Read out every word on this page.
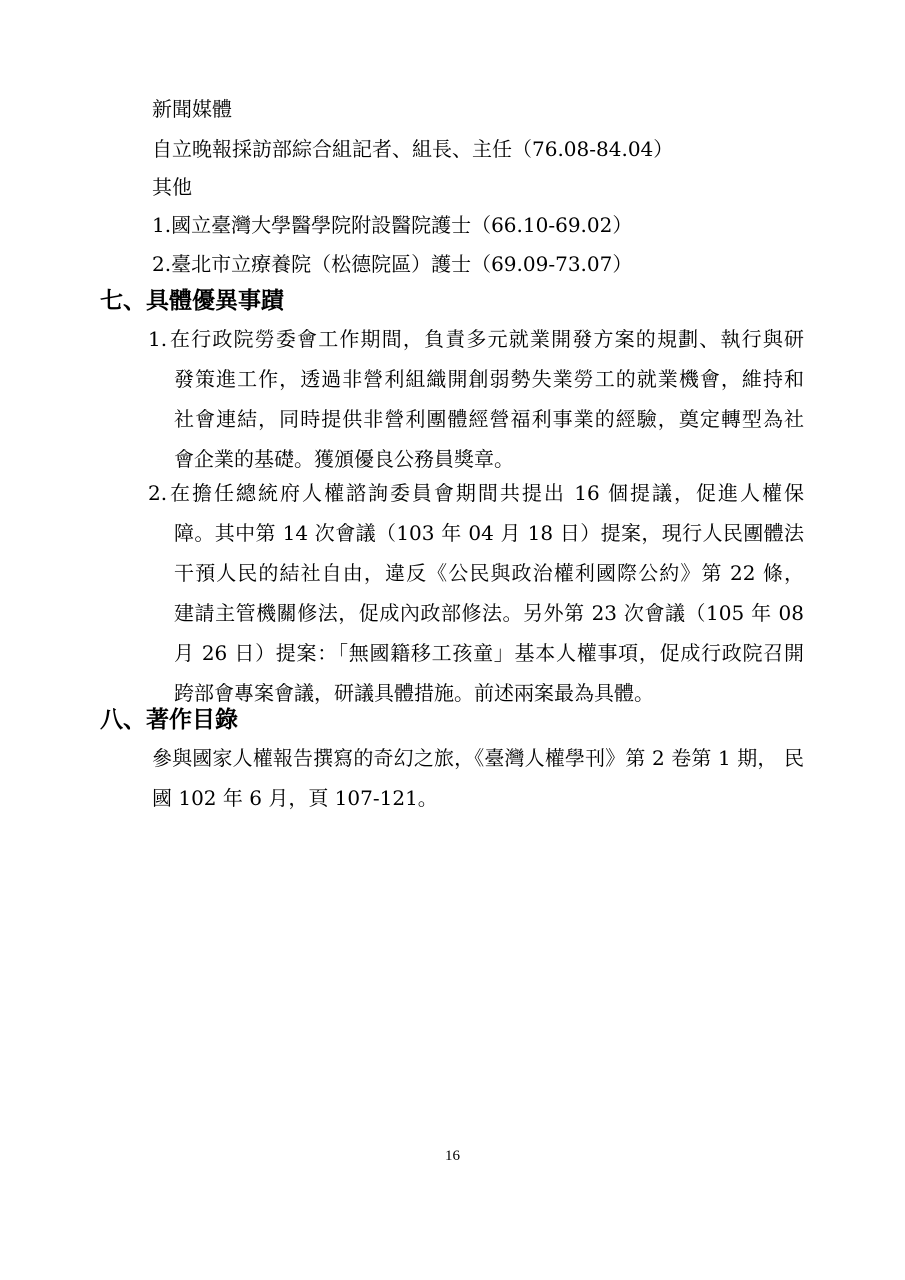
新聞媒體
自立晚報採訪部綜合組記者、組長、主任（76.08-84.04）
其他
1.國立臺灣大學醫學院附設醫院護士（66.10-69.02）
2.臺北市立療養院（松德院區）護士（69.09-73.07）
七、具體優異事蹟
1. 在行政院勞委會工作期間，負責多元就業開發方案的規劃、執行與研
發策進工作，透過非營利組織開創弱勢失業勞工的就業機會，維持和
社會連結，同時提供非營利團體經營福利事業的經驗，奠定轉型為社
會企業的基礎。獲頒優良公務員獎章。
2. 在擔任總統府人權諮詢委員會期間共提出 16 個提議，促進人權保
障。其中第 14 次會議（103 年 04 月 18 日）提案，現行人民團體法
干預人民的結社自由，違反《公民與政治權利國際公約》第 22 條，
建請主管機關修法，促成內政部修法。另外第 23 次會議（105 年 08
月 26 日）提案：「無國籍移工孩童」基本人權事項，促成行政院召開
跨部會專案會議，研議具體措施。前述兩案最為具體。
八、著作目錄
參與國家人權報告撰寫的奇幻之旅，《臺灣人權學刊》第 2 卷第 1 期， 民
國 102 年 6 月，頁 107-121。
16
